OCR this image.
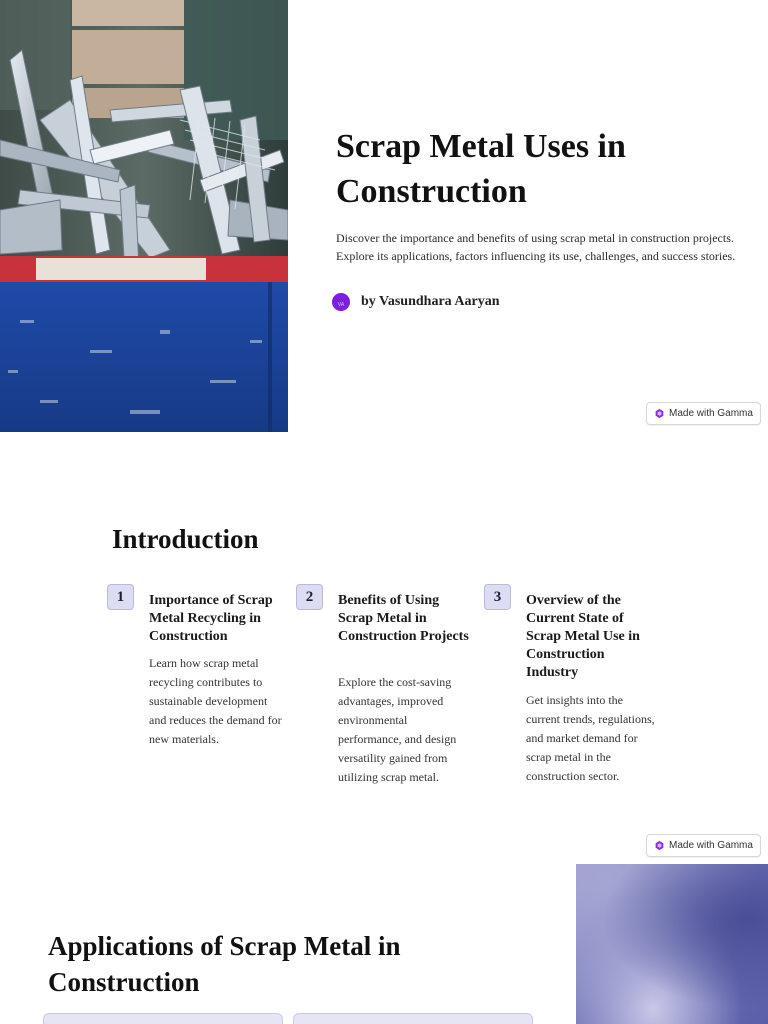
Scrap Metal Uses in Construction

Discover the importance and benefits of using scrap metal in construction projects. Explore its applications, factors influencing its use, challenges, and success stories.

VA by Vasundhara Aaryan
Made with Gamma
Introduction
1	Importance of Scrap Metal Recycling in Construction
Learn how scrap metal recycling contributes to sustainable development and reduces the demand for new materials.
2	Benefits of Using Scrap Metal in Construction Projects
Explore the cost-saving advantages, improved environmental performance, and design versatility gained from utilizing scrap metal.
3	Overview of the Current State of Scrap Metal Use in Construction Industry
Get insights into the current trends, regulations, and market demand for scrap metal in the construction sector.
Made with Gamma
Applications of Scrap Metal in Construction
